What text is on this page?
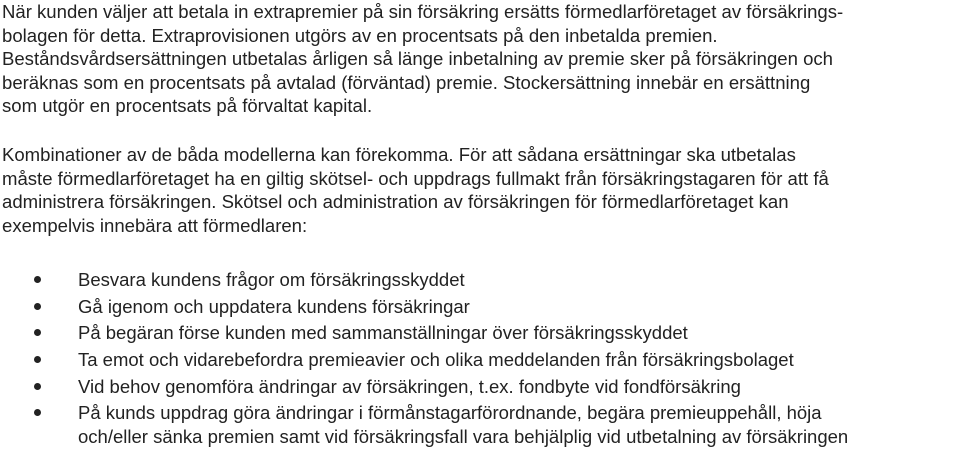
När kunden väljer att betala in extrapremier på sin försäkring ersätts förmedlarföretaget av försäkrings-
bolagen för detta. Extraprovisionen utgörs av en procentsats på den inbetalda premien.
Beståndsvårdsersättningen utbetalas årligen så länge inbetalning av premie sker på försäkringen och
beräknas som en procentsats på avtalad (förväntad) premie. Stockersättning innebär en ersättning
som utgör en procentsats på förvaltat kapital.
Kombinationer av de båda modellerna kan förekomma. För att sådana ersättningar ska utbetalas
måste förmedlarföretaget ha en giltig skötsel- och uppdrags fullmakt från försäkringstagaren för att få
administrera försäkringen. Skötsel och administration av försäkringen för förmedlarföretaget kan
exempelvis innebära att förmedlaren:
Besvara kundens frågor om försäkringsskyddet
Gå igenom och uppdatera kundens försäkringar
På begäran förse kunden med sammanställningar över försäkringsskyddet
Ta emot och vidarebefordra premieavier och olika meddelanden från försäkringsbolaget
Vid behov genomföra ändringar av försäkringen, t.ex. fondbyte vid fondförsäkring
På kunds uppdrag göra ändringar i förmånstagarförordnande, begära premieuppehåll, höja
och/eller sänka premien samt vid försäkringsfall vara behjälplig vid utbetalning av försäkringen
